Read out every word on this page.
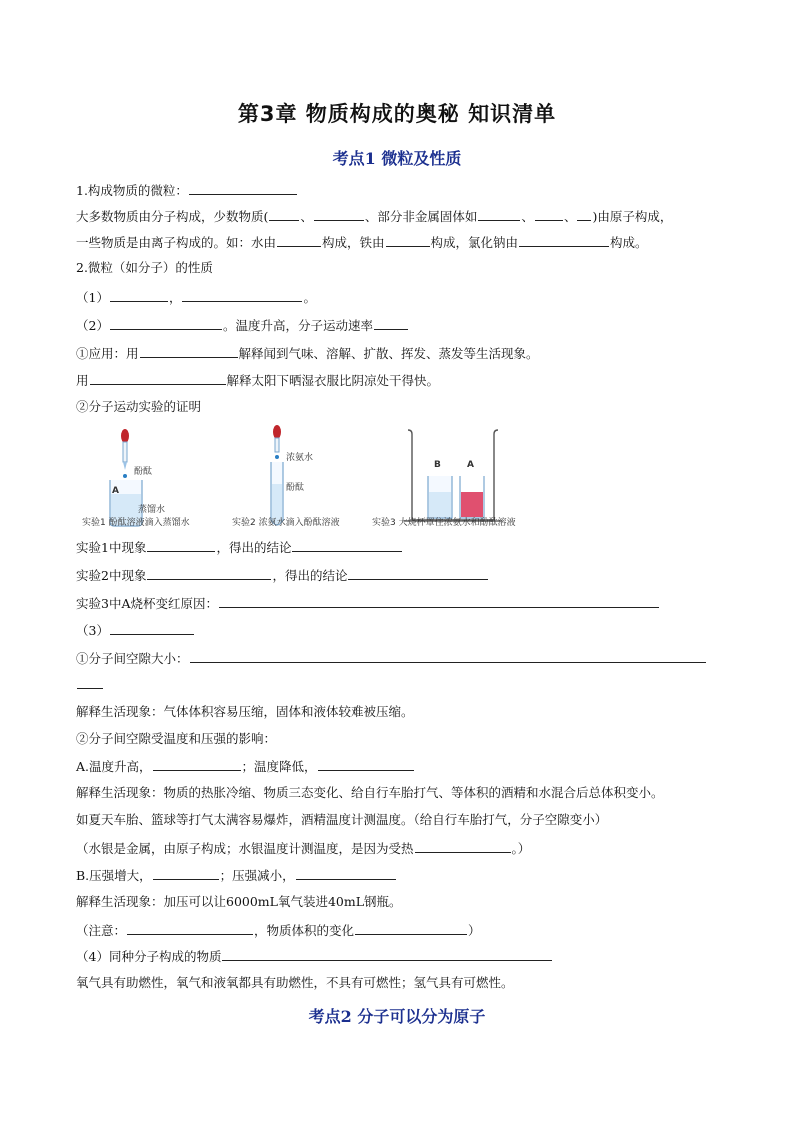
第3章 物质构成的奥秘 知识清单
考点1 微粒及性质
1.构成物质的微粒：
大多数物质由分子构成，少数物质(	、	、部分非金属固体如	、 、 )由原子构成，
一些物质是由离子构成的。如：水由	构成，铁由	构成，氯化钠由	构成。
2.微粒（如分子）的性质
（1）	，	。
（2）	。温度升高，分子运动速率
①应用：用	解释闻到气味、溶解、扩散、挥发、蒸发等生活现象。
用	解释太阳下晒湿衣服比阴凉处干得快。
②分子运动实验的证明
A
酚酞
蒸馏水
浓氨水
酚酞
B	A
实验1 酚酞溶液滴入蒸馏水	实验2 浓氨水滴入酚酞溶液	实验3 大烧杯罩住浓氨水和酚酞溶液
实验1中现象	，得出的结论
实验2中现象	，得出的结论
实验3中A烧杯变红原因：
（3）
①分子间空隙大小：
解释生活现象：气体体积容易压缩，固体和液体较难被压缩。
②分子间空隙受温度和压强的影响：
A.温度升高，	；温度降低，
解释生活现象：物质的热胀冷缩、物质三态变化、给自行车胎打气、等体积的酒精和水混合后总体积变小。
如夏天车胎、篮球等打气太满容易爆炸，酒精温度计测温度。（给自行车胎打气，分子空隙变小）
（水银是金属，由原子构成；水银温度计测温度，是因为受热	。）
B.压强增大，	；压强减小，
解释生活现象：加压可以让6000mL氧气装进40mL钢瓶。
（注意：	，物质体积的变化	）
（4）同种分子构成的物质
氧气具有助燃性，氧气和液氧都具有助燃性，不具有可燃性；氢气具有可燃性。
考点2 分子可以分为原子
